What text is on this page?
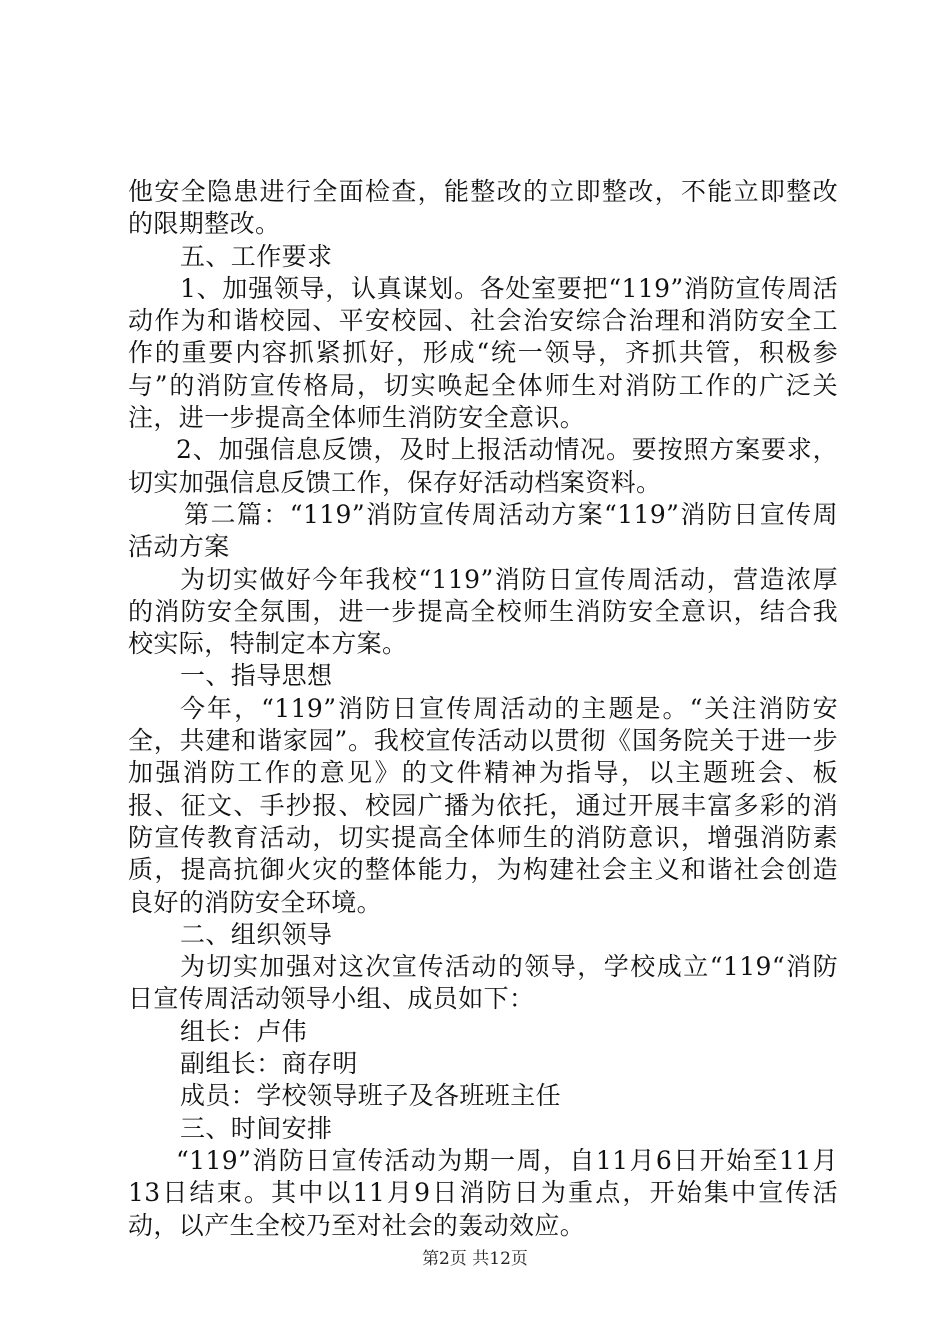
他安全隐患进行全面检查，能整改的立即整改，不能立即整改的限期整改。

五、工作要求

1、加强领导，认真谋划。各处室要把“119”消防宣传周活动作为和谐校园、平安校园、社会治安综合治理和消防安全工作的重要内容抓紧抓好，形成“统一领导，齐抓共管，积极参与”的消防宣传格局，切实唤起全体师生对消防工作的广泛关注，进一步提高全体师生消防安全意识。

2、加强信息反馈，及时上报活动情况。要按照方案要求，切实加强信息反馈工作，保存好活动档案资料。

第二篇：“119”消防宣传周活动方案“119”消防日宣传周活动方案

为切实做好今年我校“119”消防日宣传周活动，营造浓厚的消防安全氛围，进一步提高全校师生消防安全意识，结合我校实际，特制定本方案。

一、指导思想

今年，“119”消防日宣传周活动的主题是。“关注消防安全，共建和谐家园”。我校宣传活动以贯彻《国务院关于进一步加强消防工作的意见》的文件精神为指导，以主题班会、板报、征文、手抄报、校园广播为依托，通过开展丰富多彩的消防宣传教育活动，切实提高全体师生的消防意识，增强消防素质，提高抗御火灾的整体能力，为构建社会主义和谐社会创造良好的消防安全环境。

二、组织领导

为切实加强对这次宣传活动的领导，学校成立“119“消防日宣传周活动领导小组、成员如下：

组长：卢伟

副组长：商存明

成员：学校领导班子及各班班主任

三、时间安排

“119”消防日宣传活动为期一周，自11月6日开始至11月13日结束。其中以11月9日消防日为重点，开始集中宣传活动，以产生全校乃至对社会的轰动效应。

第2页 共12页
